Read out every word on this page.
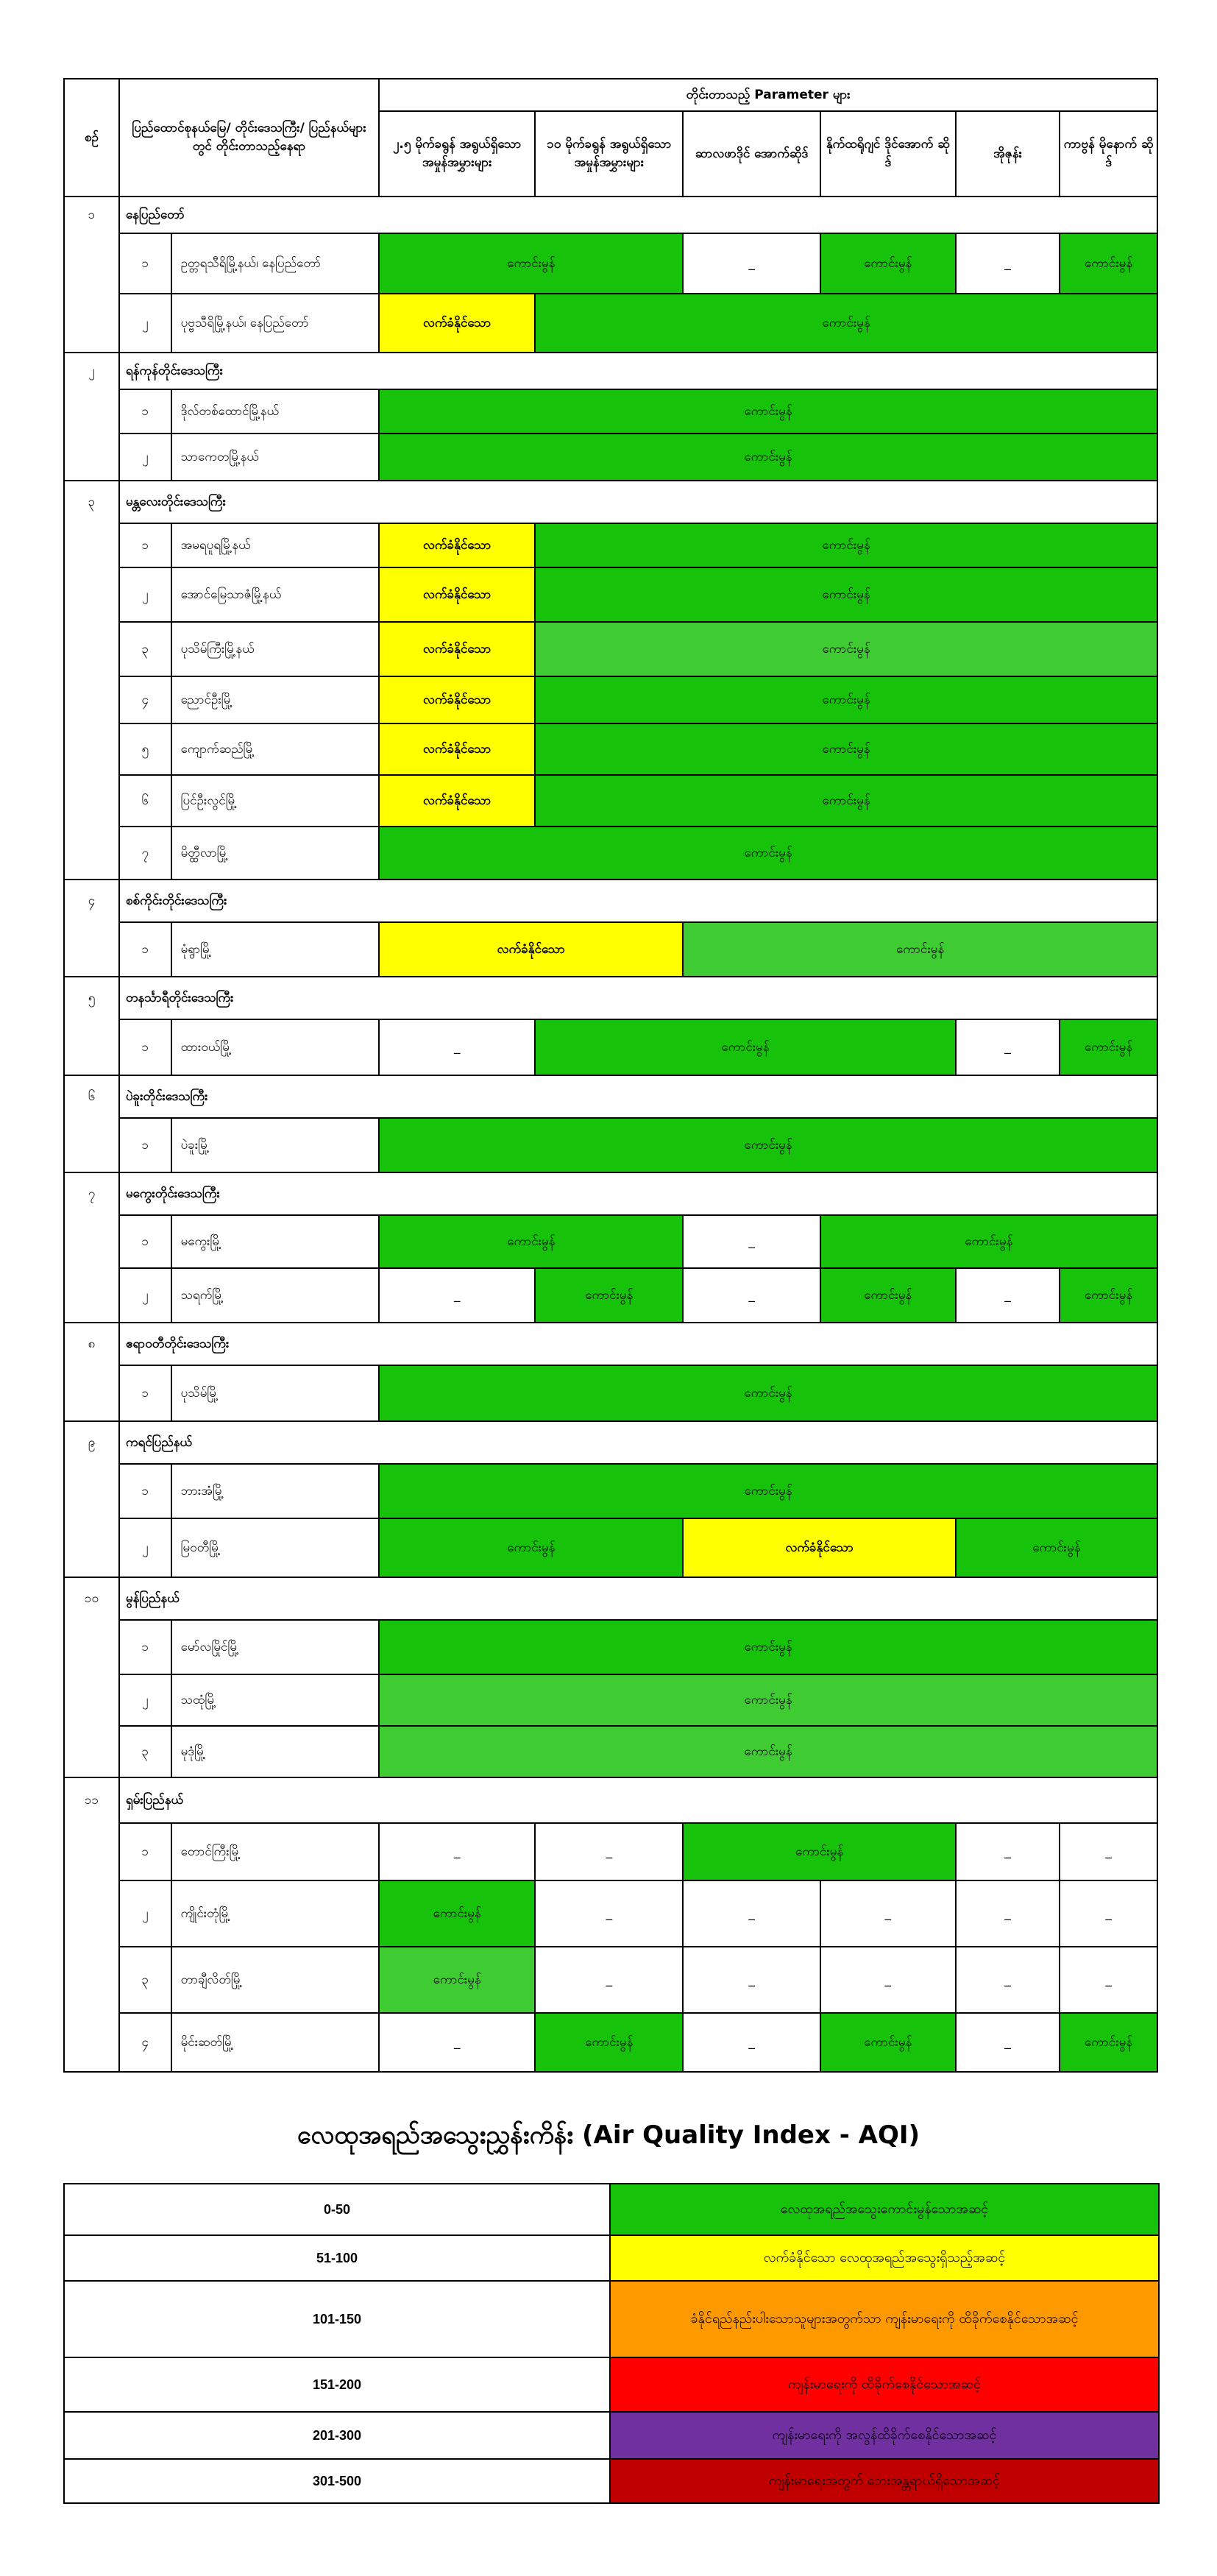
စဉ်	ပြည်ထောင်စုနယ်မြေ/ တိုင်းဒေသကြီး/ ပြည်နယ်များတွင် တိုင်းတာသည့်နေရာ		တိုင်းတာသည့် Parameter များ					
			၂.၅ မိုက်ခရွန် အရွယ်ရှိသော အမှုန်အမွှားများ	၁၀ မိုက်ခရွန် အရွယ်ရှိသော အမှုန်အမွှားများ	ဆာလဖာဒိုင် အောက်ဆိုဒ်	နိုက်ထရိုဂျင် ဒိုင်အောက် ဆိုဒ်	အိုဇုန်း	ကာဗွန် မိုနောက် ဆိုဒ်
၁	နေပြည်တော်							
	၁	ဥတ္တရသီရိမြို့နယ်၊ နေပြည်တော်	ကောင်းမွန်		_	ကောင်းမွန်	_	ကောင်းမွန်
	၂	ပုဗ္ဗသီရိမြို့နယ်၊ နေပြည်တော်	လက်ခံနိုင်သော	ကောင်းမွန်				
၂	ရန်ကုန်တိုင်းဒေသကြီး							
	၁	ဒိုလ်တစ်ထောင်မြို့နယ်	ကောင်းမွန်					
	၂	သာကေတမြို့နယ်	ကောင်းမွန်					
၃	မန္တလေးတိုင်းဒေသကြီး							
	၁	အမရပူရမြို့နယ်	လက်ခံနိုင်သော	ကောင်းမွန်				
	၂	အောင်မြေသာဇံမြို့နယ်	လက်ခံနိုင်သော	ကောင်းမွန်				
	၃	ပုသိမ်ကြီးမြို့နယ်	လက်ခံနိုင်သော	ကောင်းမွန်				
	၄	ညောင်ဦးမြို့	လက်ခံနိုင်သော	ကောင်းမွန်				
	၅	ကျောက်ဆည်မြို့	လက်ခံနိုင်သော	ကောင်းမွန်				
	၆	ပြင်ဦးလွင်မြို့	လက်ခံနိုင်သော	ကောင်းမွန်				
	၇	မိတ္ထီလာမြို့	ကောင်းမွန်					
၄	စစ်ကိုင်းတိုင်းဒေသကြီး							
	၁	မုံရွာမြို့	လက်ခံနိုင်သော		ကောင်းမွန်			
၅	တနင်္သာရီတိုင်းဒေသကြီး							
	၁	ထားဝယ်မြို့	_	ကောင်းမွန်			_	ကောင်းမွန်
၆	ပဲခူးတိုင်းဒေသကြီး							
	၁	ပဲခူးမြို့	ကောင်းမွန်					
၇	မကွေးတိုင်းဒေသကြီး							
	၁	မကွေးမြို့	ကောင်းမွန်		_	ကောင်းမွန်		
	၂	သရက်မြို့	_	ကောင်းမွန်	_	ကောင်းမွန်	_	ကောင်းမွန်
၈	ဧရာဝတီတိုင်းဒေသကြီး							
	၁	ပုသိမ်မြို့	ကောင်းမွန်					
၉	ကရင်ပြည်နယ်							
	၁	ဘားအံမြို့	ကောင်းမွန်					
	၂	မြဝတီမြို့	ကောင်းမွန်		လက်ခံနိုင်သော		ကောင်းမွန်	
၁၀	မွန်ပြည်နယ်							
	၁	မော်လမြိုင်မြို့	ကောင်းမွန်					
	၂	သထုံမြို့	ကောင်းမွန်					
	၃	မုဒုံမြို့	ကောင်းမွန်					
၁၁	ရှမ်းပြည်နယ်							
	၁	တောင်ကြီးမြို့	_	_	ကောင်းမွန်		_	_
	၂	ကျိုင်းတုံမြို့	ကောင်းမွန်	_	_	_	_	_
	၃	တာချီလိတ်မြို့	ကောင်းမွန်	_	_	_	_	_
	၄	မိုင်းဆတ်မြို့	_	ကောင်းမွန်	_	ကောင်းမွန်	_	ကောင်းမွန်
လေထုအရည်အသွေးညွှန်းကိန်း (Air Quality Index - AQI)
0-50	လေထုအရည်အသွေးကောင်းမွန်သောအဆင့်
51-100	လက်ခံနိုင်သော လေထုအရည်အသွေးရှိသည့်အဆင့်
101-150	ခံနိုင်ရည်နည်းပါးသောသူများအတွက်သာ ကျန်းမာရေးကို ထိခိုက်စေနိုင်သောအဆင့်
151-200	ကျန်းမာရေးကို ထိခိုက်စေနိုင်သောအဆင့်
201-300	ကျန်းမာရေးကို အလွန်ထိခိုက်စေနိုင်သောအဆင့်
301-500	ကျန်းမာရေးအတွက် ဘေးအန္တရာယ်ရှိသောအဆင့်
